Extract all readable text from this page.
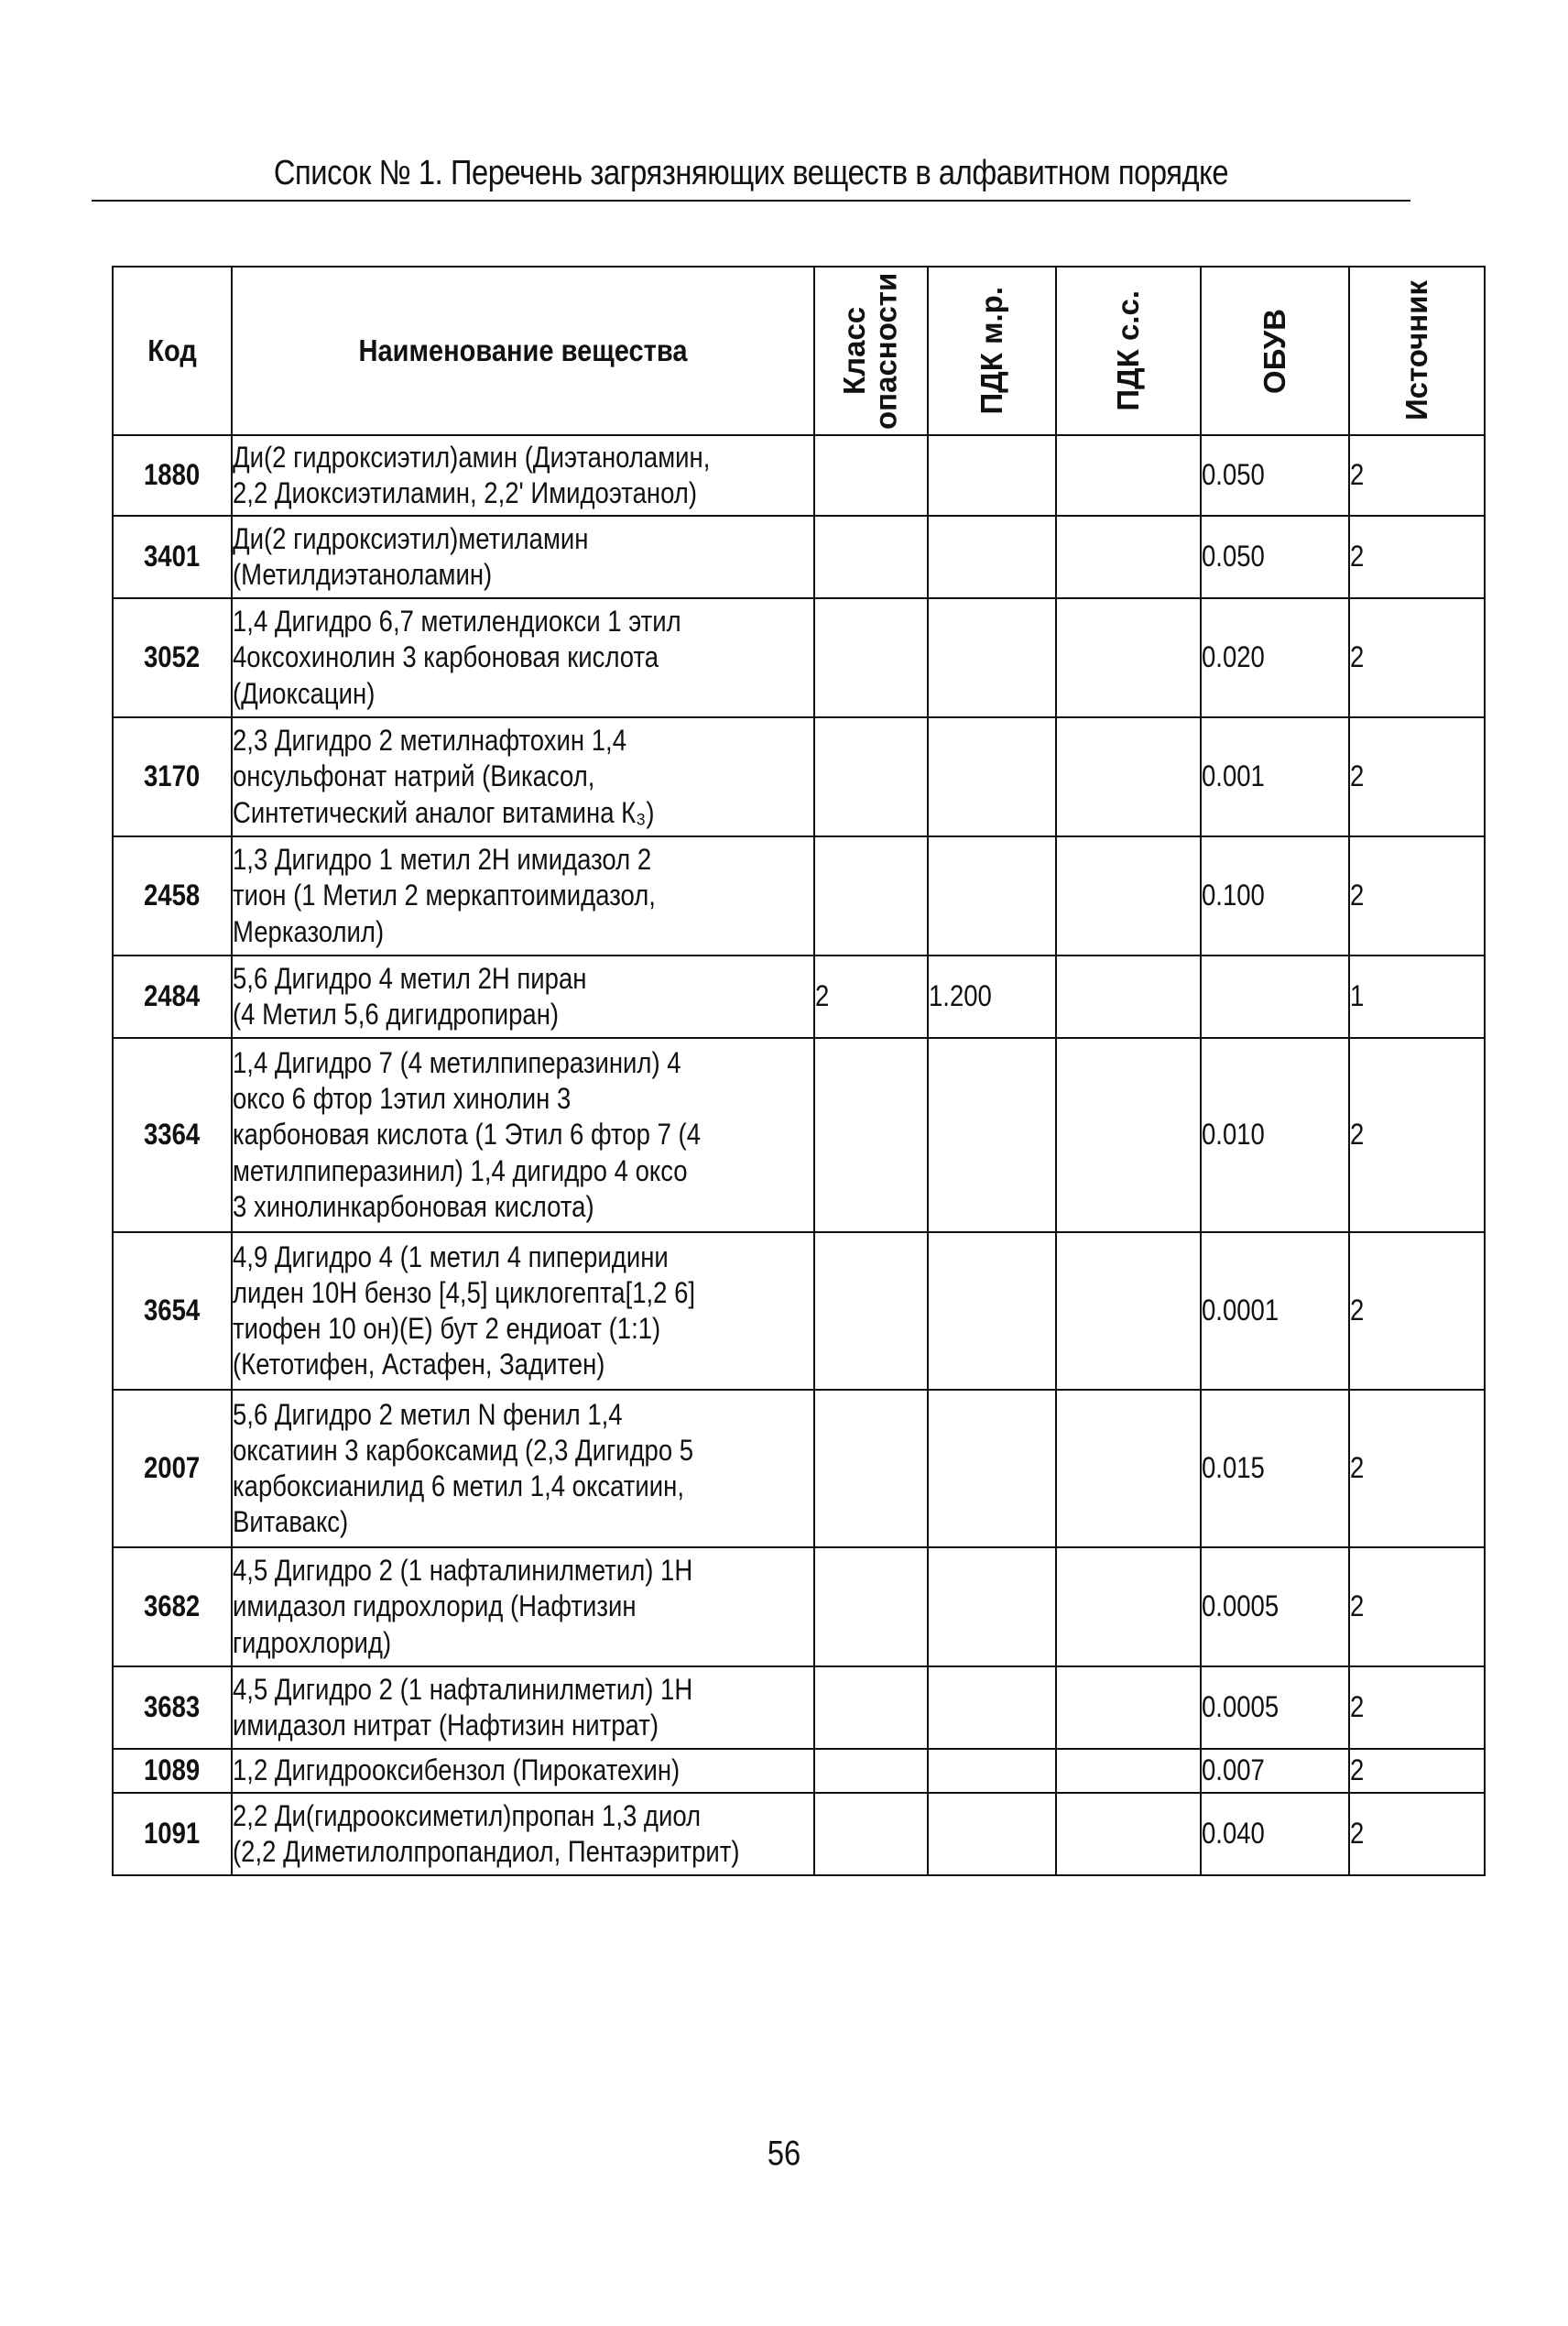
Список № 1. Перечень загрязняющих веществ в алфавитном порядке
Код	Наименование вещества	Класс опасности	ПДК м.р.	ПДК с.с.	ОБУВ	Источник

1880	Ди(2 гидроксиэтил)амин (Диэтаноламин,
2,2 Диоксиэтиламин, 2,2' Имидоэтанол)				0.050	2
3401	Ди(2 гидроксиэтил)метиламин
(Метилдиэтаноламин)				0.050	2
3052	1,4 Дигидро 6,7 метилендиокси 1 этил
4оксохинолин 3 карбоновая кислота
(Диоксацин)				0.020	2
3170	2,3 Дигидро 2 метилнафтохин 1,4
онсульфонат натрий (Викасол,
Синтетический аналог витамина К₃)				0.001	2
2458	1,3 Дигидро 1 метил 2Н имидазол 2
тион (1 Метил 2 меркаптоимидазол,
Мерказолил)				0.100	2
2484	5,6 Дигидро 4 метил 2Н пиран
(4 Метил 5,6 дигидропиран)	2	1.200			1
3364	1,4 Дигидро 7 (4 метилпиперазинил) 4
оксо 6 фтор 1этил хинолин 3
карбоновая кислота (1 Этил 6 фтор 7 (4
метилпиперазинил) 1,4 дигидро 4 оксо
3 хинолинкарбоновая кислота)				0.010	2
3654	4,9 Дигидро 4 (1 метил 4 пиперидини
лиден 10Н бензо [4,5] циклогепта[1,2 6]
тиофен 10 он)(Е) бут 2 ендиоат (1:1)
(Кетотифен, Астафен, Задитен)				0.0001	2
2007	5,6 Дигидро 2 метил N фенил 1,4
оксатиин 3 карбоксамид (2,3 Дигидро 5
карбоксианилид 6 метил 1,4 оксатиин,
Витавакс)				0.015	2
3682	4,5 Дигидро 2 (1 нафталинилметил) 1Н
имидазол гидрохлорид (Нафтизин
гидрохлорид)				0.0005	2
3683	4,5 Дигидро 2 (1 нафталинилметил) 1Н
имидазол нитрат (Нафтизин нитрат)				0.0005	2
1089	1,2 Дигидрооксибензол (Пирокатехин)				0.007	2
1091	2,2 Ди(гидрооксиметил)пропан 1,3 диол
(2,2 Диметилолпропандиол, Пентаэритрит)				0.040	2
56
